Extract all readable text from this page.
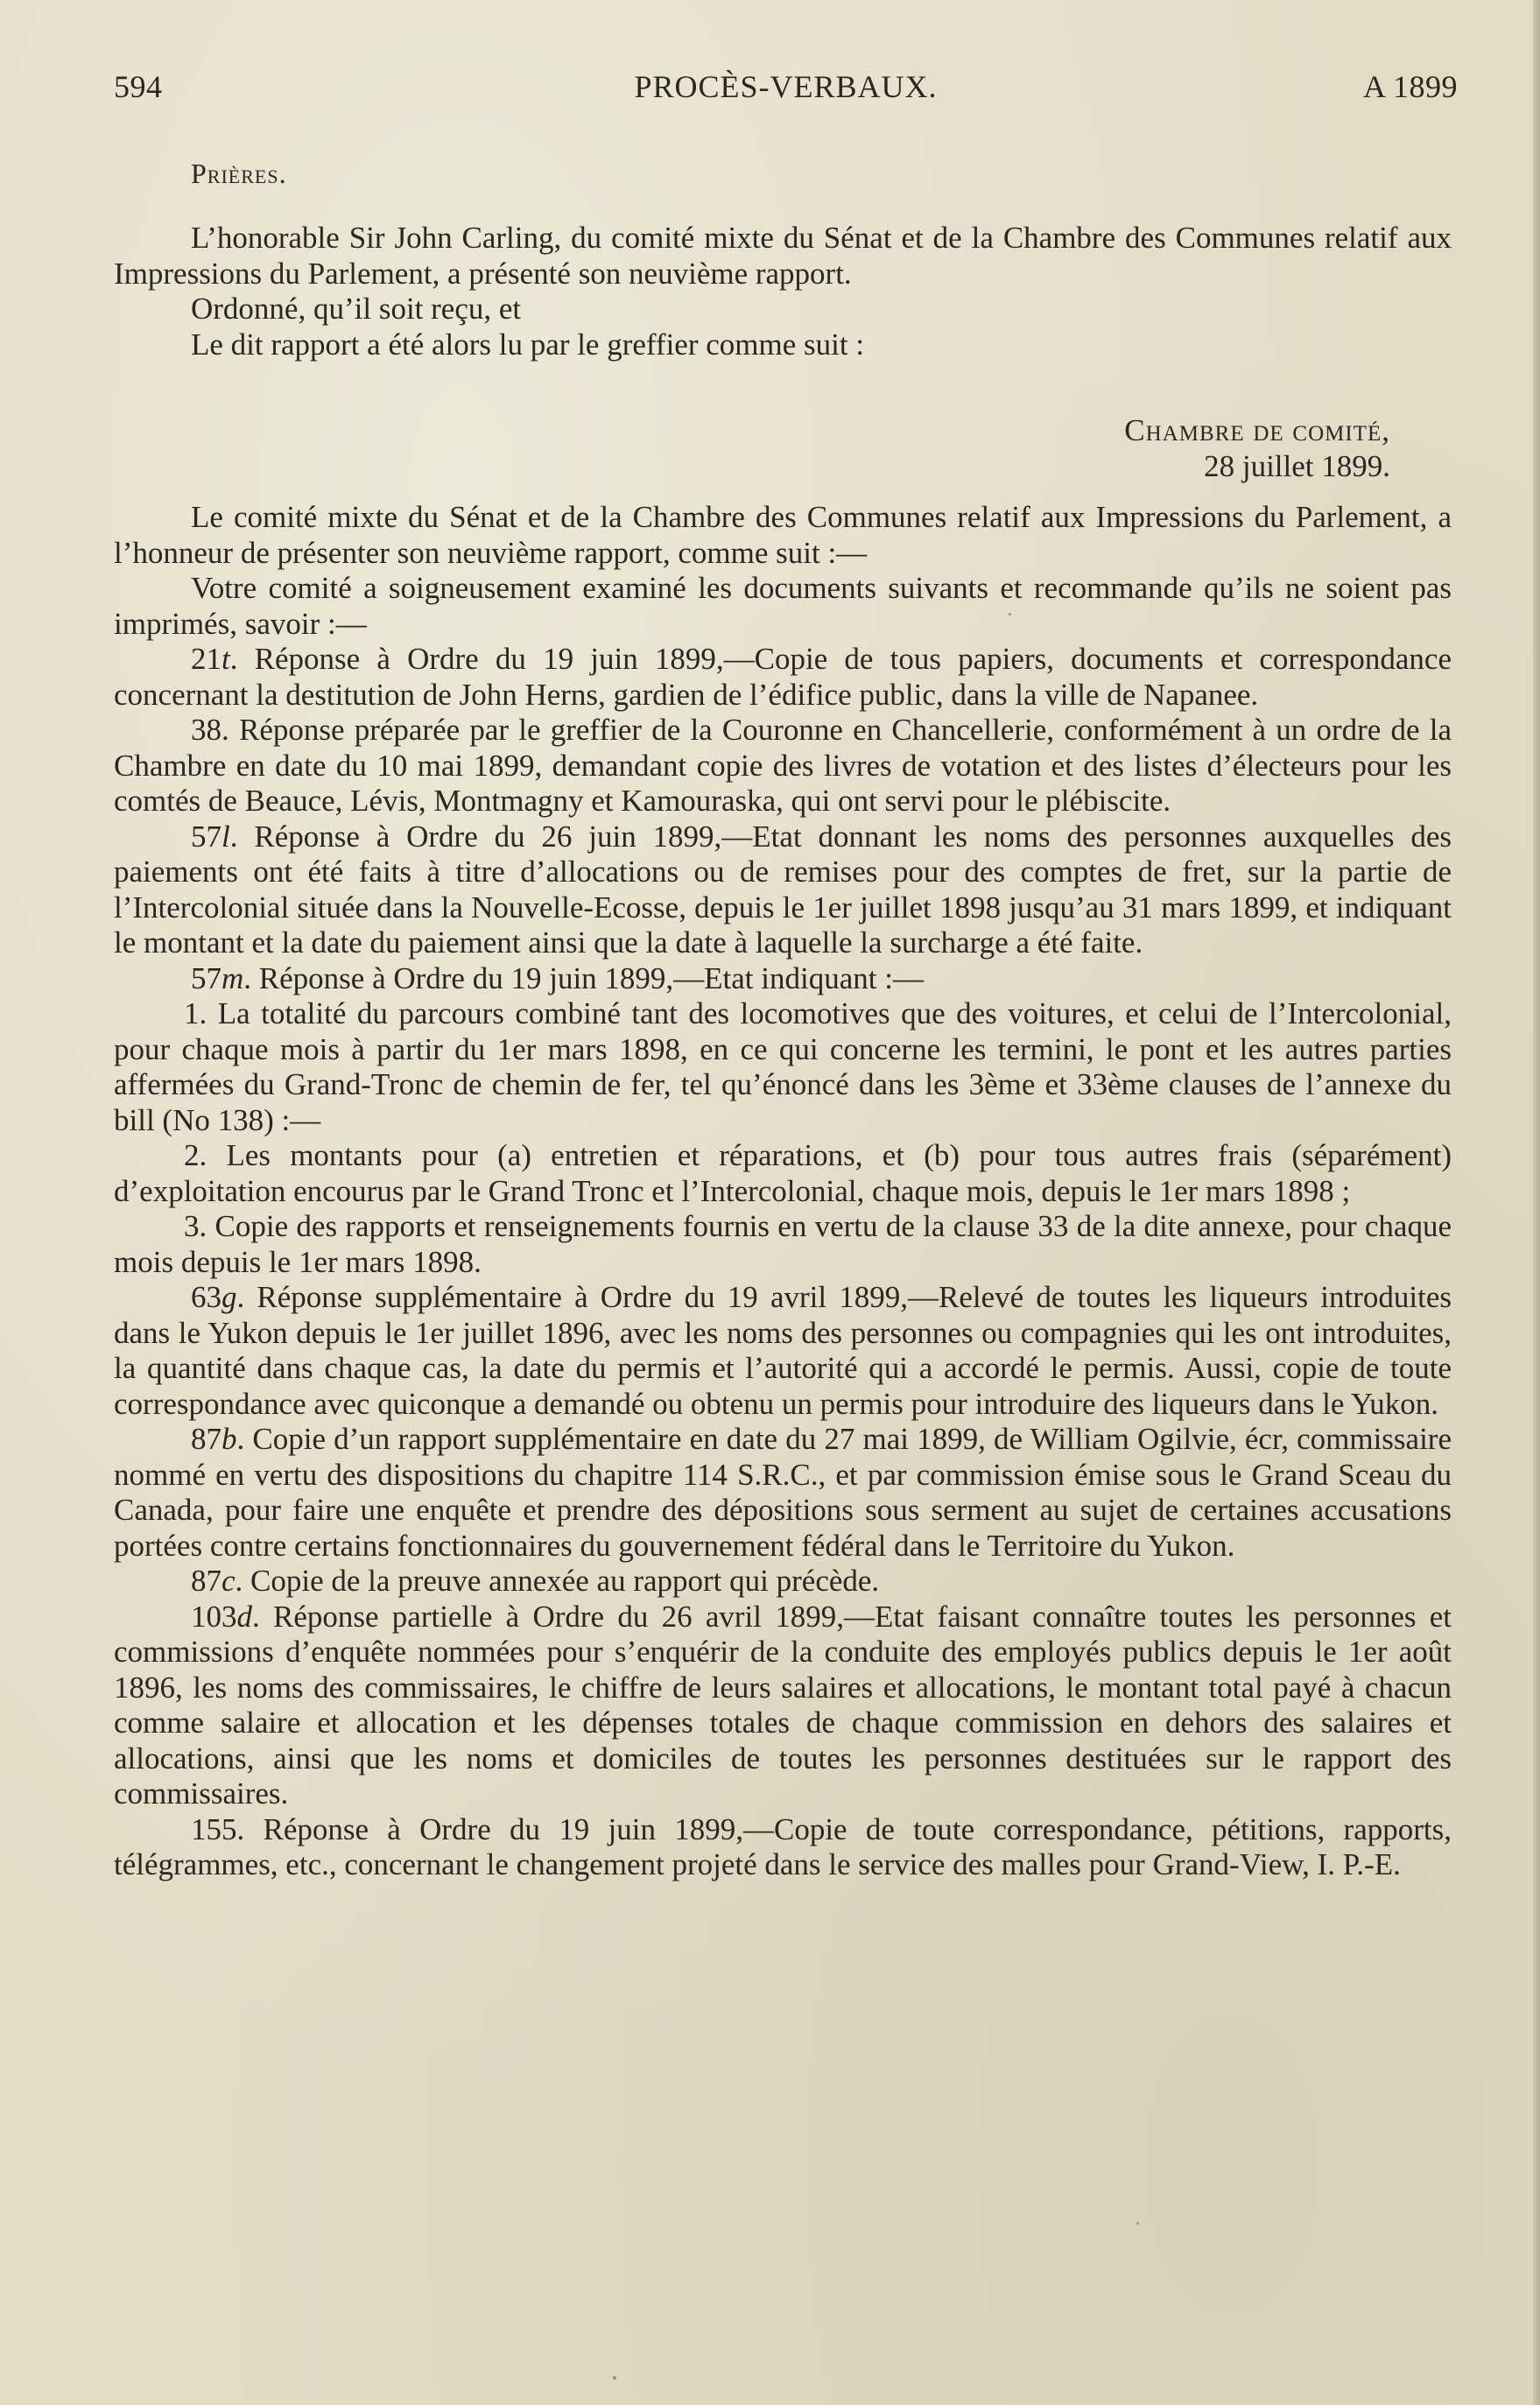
594	PROCÈS-VERBAUX.	A 1899
Prières.

L’honorable Sir John Carling, du comité mixte du Sénat et de la Chambre des Communes relatif aux Impressions du Parlement, a présenté son neuvième rapport.

Ordonné, qu’il soit reçu, et

Le dit rapport a été alors lu par le greffier comme suit :

Chambre de comité,
28 juillet 1899.

Le comité mixte du Sénat et de la Chambre des Communes relatif aux Impressions du Parlement, a l’honneur de présenter son neuvième rapport, comme suit :—

Votre comité a soigneusement examiné les documents suivants et recommande qu’ils ne soient pas imprimés, savoir :—

21t. Réponse à Ordre du 19 juin 1899,—Copie de tous papiers, documents et correspondance concernant la destitution de John Herns, gardien de l’édifice public, dans la ville de Napanee.

38. Réponse préparée par le greffier de la Couronne en Chancellerie, conformément à un ordre de la Chambre en date du 10 mai 1899, demandant copie des livres de votation et des listes d’électeurs pour les comtés de Beauce, Lévis, Montmagny et Kamouraska, qui ont servi pour le plébiscite.

57l. Réponse à Ordre du 26 juin 1899,—Etat donnant les noms des personnes auxquelles des paiements ont été faits à titre d’allocations ou de remises pour des comptes de fret, sur la partie de l’Intercolonial située dans la Nouvelle-Ecosse, depuis le 1er juillet 1898 jusqu’au 31 mars 1899, et indiquant le montant et la date du paiement ainsi que la date à laquelle la surcharge a été faite.

57m. Réponse à Ordre du 19 juin 1899,—Etat indiquant :—

1. La totalité du parcours combiné tant des locomotives que des voitures, et celui de l’Intercolonial, pour chaque mois à partir du 1er mars 1898, en ce qui concerne les termini, le pont et les autres parties affermées du Grand-Tronc de chemin de fer, tel qu’énoncé dans les 3ème et 33ème clauses de l’annexe du bill (No 138) :—

2. Les montants pour (a) entretien et réparations, et (b) pour tous autres frais (séparément) d’exploitation encourus par le Grand Tronc et l’Intercolonial, chaque mois, depuis le 1er mars 1898 ;

3. Copie des rapports et renseignements fournis en vertu de la clause 33 de la dite annexe, pour chaque mois depuis le 1er mars 1898.

63g. Réponse supplémentaire à Ordre du 19 avril 1899,—Relevé de toutes les liqueurs introduites dans le Yukon depuis le 1er juillet 1896, avec les noms des personnes ou compagnies qui les ont introduites, la quantité dans chaque cas, la date du permis et l’autorité qui a accordé le permis. Aussi, copie de toute correspondance avec quiconque a demandé ou obtenu un permis pour introduire des liqueurs dans le Yukon.

87b. Copie d’un rapport supplémentaire en date du 27 mai 1899, de William Ogilvie, écr, commissaire nommé en vertu des dispositions du chapitre 114 S.R.C., et par commission émise sous le Grand Sceau du Canada, pour faire une enquête et prendre des dépositions sous serment au sujet de certaines accusations portées contre certains fonctionnaires du gouvernement fédéral dans le Territoire du Yukon.

87c. Copie de la preuve annexée au rapport qui précède.

103d. Réponse partielle à Ordre du 26 avril 1899,—Etat faisant connaître toutes les personnes et commissions d’enquête nommées pour s’enquérir de la conduite des employés publics depuis le 1er août 1896, les noms des commissaires, le chiffre de leurs salaires et allocations, le montant total payé à chacun comme salaire et allocation et les dépenses totales de chaque commission en dehors des salaires et allocations, ainsi que les noms et domiciles de toutes les personnes destituées sur le rapport des commissaires.

155. Réponse à Ordre du 19 juin 1899,—Copie de toute correspondance, pétitions, rapports, télégrammes, etc., concernant le changement projeté dans le service des malles pour Grand-View, I. P.-E.
